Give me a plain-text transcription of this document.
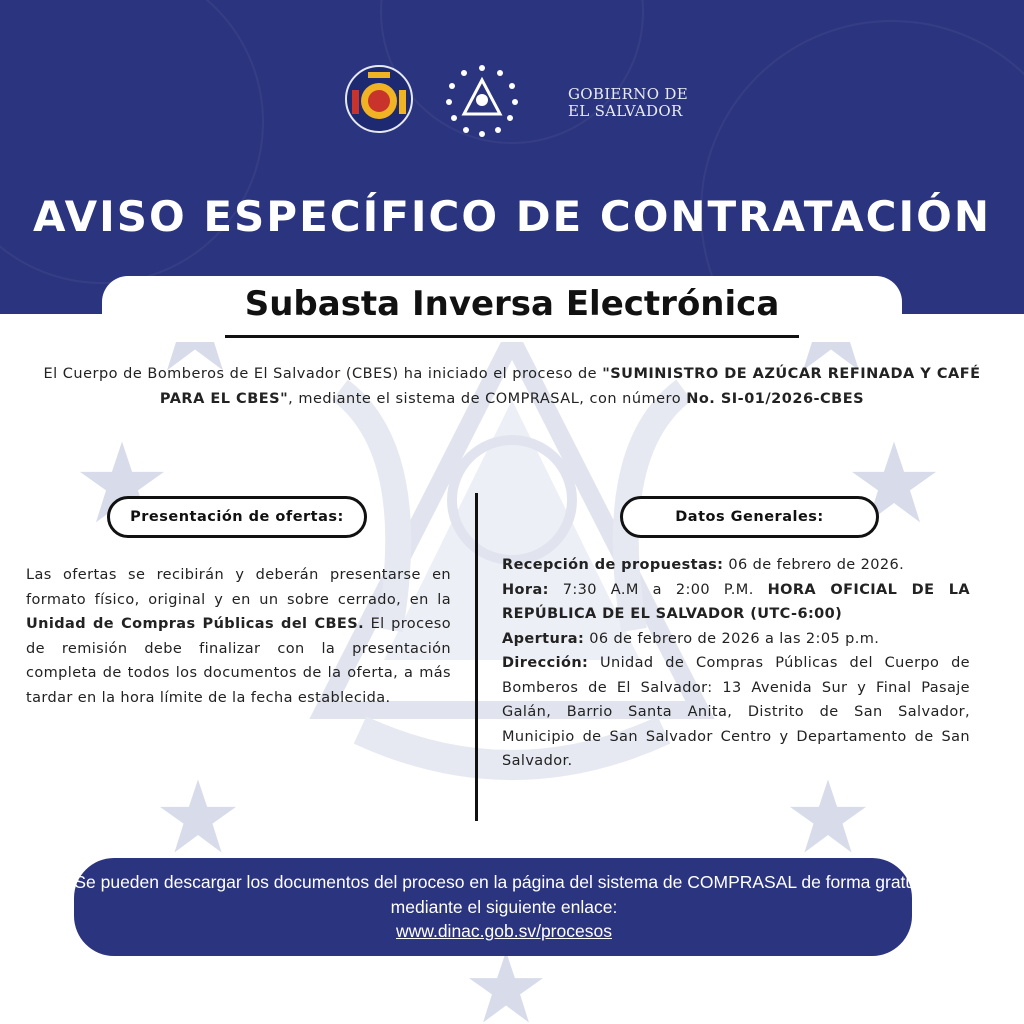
GOBIERNO DE
EL SALVADOR
AVISO ESPECÍFICO DE CONTRATACIÓN
Subasta Inversa Electrónica
El Cuerpo de Bomberos de El Salvador (CBES) ha iniciado el proceso de "SUMINISTRO DE AZÚCAR REFINADA Y CAFÉ PARA EL CBES", mediante el sistema de COMPRASAL, con número No. SI-01/2026-CBES
Presentación de ofertas:	Datos Generales:
Las ofertas se recibirán y deberán presentarse en formato físico, original y en un sobre cerrado, en la Unidad de Compras Públicas del CBES. El proceso de remisión debe finalizar con la presentación completa de todos los documentos de la oferta, a más tardar en la hora límite de la fecha establecida.
Recepción de propuestas: 06 de febrero de 2026.
Hora: 7:30 A.M a 2:00 P.M. HORA OFICIAL DE LA REPÚBLICA DE EL SALVADOR (UTC-6:00)
Apertura: 06 de febrero de 2026 a las 2:05 p.m.
Dirección: Unidad de Compras Públicas del Cuerpo de Bomberos de El Salvador: 13 Avenida Sur y Final Pasaje Galán, Barrio Santa Anita, Distrito de San Salvador, Municipio de San Salvador Centro y Departamento de San Salvador.
Se pueden descargar los documentos del proceso en la página del sistema de COMPRASAL de forma gratuita mediante el siguiente enlace:
www.dinac.gob.sv/procesos
